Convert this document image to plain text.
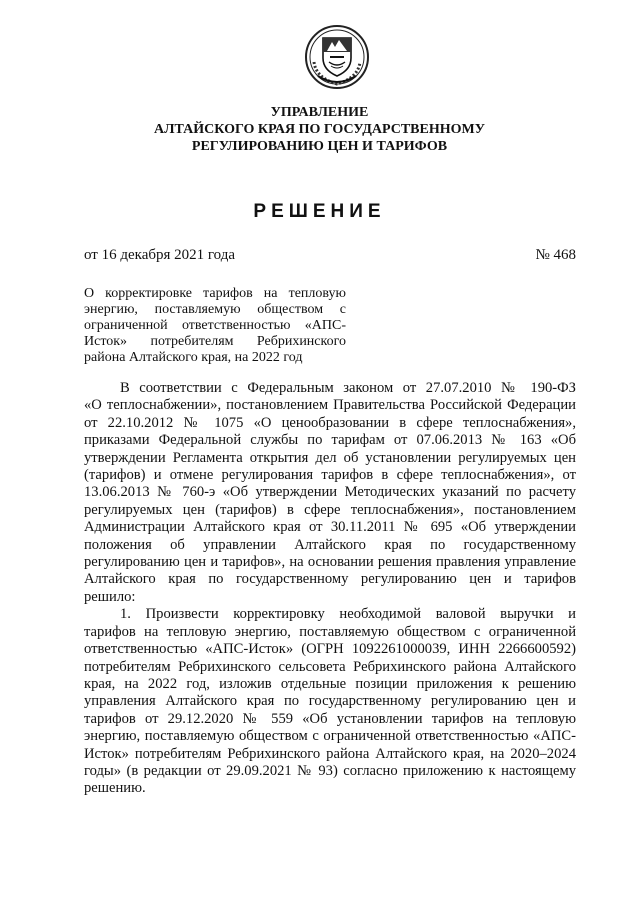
УПРАВЛЕНИЕ
АЛТАЙСКОГО КРАЯ ПО ГОСУДАРСТВЕННОМУ
РЕГУЛИРОВАНИЮ ЦЕН И ТАРИФОВ
РЕШЕНИЕ
от 16 декабря 2021 года	№ 468
О корректировке тарифов на тепловую
энергию, поставляемую обществом с
ограниченной ответственностью «АПС-
Исток» потребителям Ребрихинского
района Алтайского края, на 2022 год
В соответствии с Федеральным законом от 27.07.2010 № 190-ФЗ
«О теплоснабжении», постановлением Правительства Российской Федерации
от 22.10.2012 № 1075 «О ценообразовании в сфере теплоснабжения»,
приказами Федеральной службы по тарифам от 07.06.2013 № 163 «Об
утверждении Регламента открытия дел об установлении регулируемых цен
(тарифов) и отмене регулирования тарифов в сфере теплоснабжения», от
13.06.2013 № 760-э «Об утверждении Методических указаний по расчету
регулируемых цен (тарифов) в сфере теплоснабжения», постановлением
Администрации Алтайского края от 30.11.2011 № 695 «Об утверждении
положения об управлении Алтайского края по государственному
регулированию цен и тарифов», на основании решения правления управление
Алтайского края по государственному регулированию цен и тарифов
решило:
1. Произвести корректировку необходимой валовой выручки и
тарифов на тепловую энергию, поставляемую обществом с ограниченной
ответственностью «АПС-Исток» (ОГРН 1092261000039, ИНН 2266600592)
потребителям Ребрихинского сельсовета Ребрихинского района Алтайского
края, на 2022 год, изложив отдельные позиции приложения к решению
управления Алтайского края по государственному регулированию цен и
тарифов от 29.12.2020 № 559 «Об установлении тарифов на тепловую
энергию, поставляемую обществом с ограниченной ответственностью «АПС-
Исток» потребителям Ребрихинского района Алтайского края, на 2020–2024
годы» (в редакции от 29.09.2021 № 93) согласно приложению к настоящему
решению.
